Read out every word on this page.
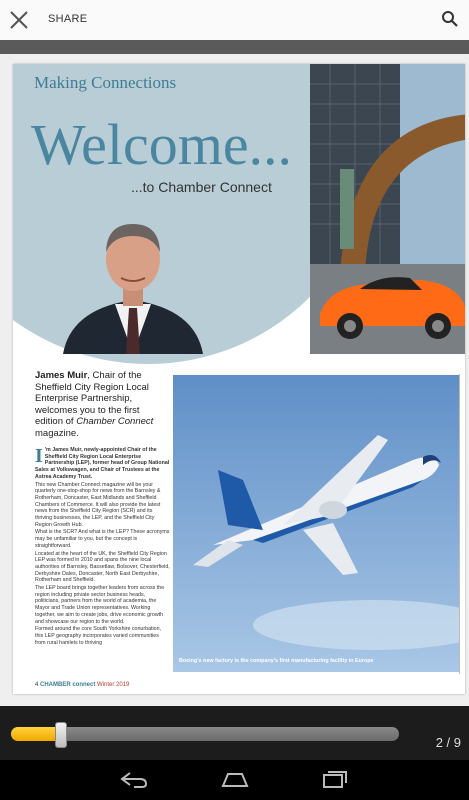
SHARE
Making Connections
Welcome...
...to Chamber Connect
James Muir, Chair of the Sheffield City Region Local Enterprise Partnership, welcomes you to the first edition of Chamber Connect magazine.

I 'm James Muir, newly-appointed Chair of the Sheffield City Region Local Enterprise Partnership (LEP), former head of Group National Sales at Volkswagen, and Chair of Trustees at the Astrea Academy Trust.

This new Chamber Connect magazine will be your quarterly one-stop-shop for news from the Barnsley & Rotherham, Doncaster, East Midlands and Sheffield Chambers of Commerce. It will also provide the latest news from the Sheffield City Region (SCR) and its thriving businesses, the LEP, and the Sheffield City Region Growth Hub.

What is the SCR? And what is the LEP? These acronyms may be unfamiliar to you, but the concept is straightforward.

Located at the heart of the UK, the Sheffield City Region LEP was formed in 2010 and spans the nine local authorities of Barnsley, Bassetlaw, Bolsover, Chesterfield, Derbyshire Dales, Doncaster, North East Derbyshire, Rotherham and Sheffield.

The LEP board brings together leaders from across the region including private sector business heads, politicians, partners from the world of academia, the Mayor and Trade Union representatives. Working together, we aim to create jobs, drive economic growth and showcase our region to the world.

Formed around the core South Yorkshire conurbation, this LEP geography incorporates varied communities from rural hamlets to thriving

Boeing's new factory is the company's first manufacturing facility in Europe
4 CHAMBER connect Winter 2019
2 / 9
